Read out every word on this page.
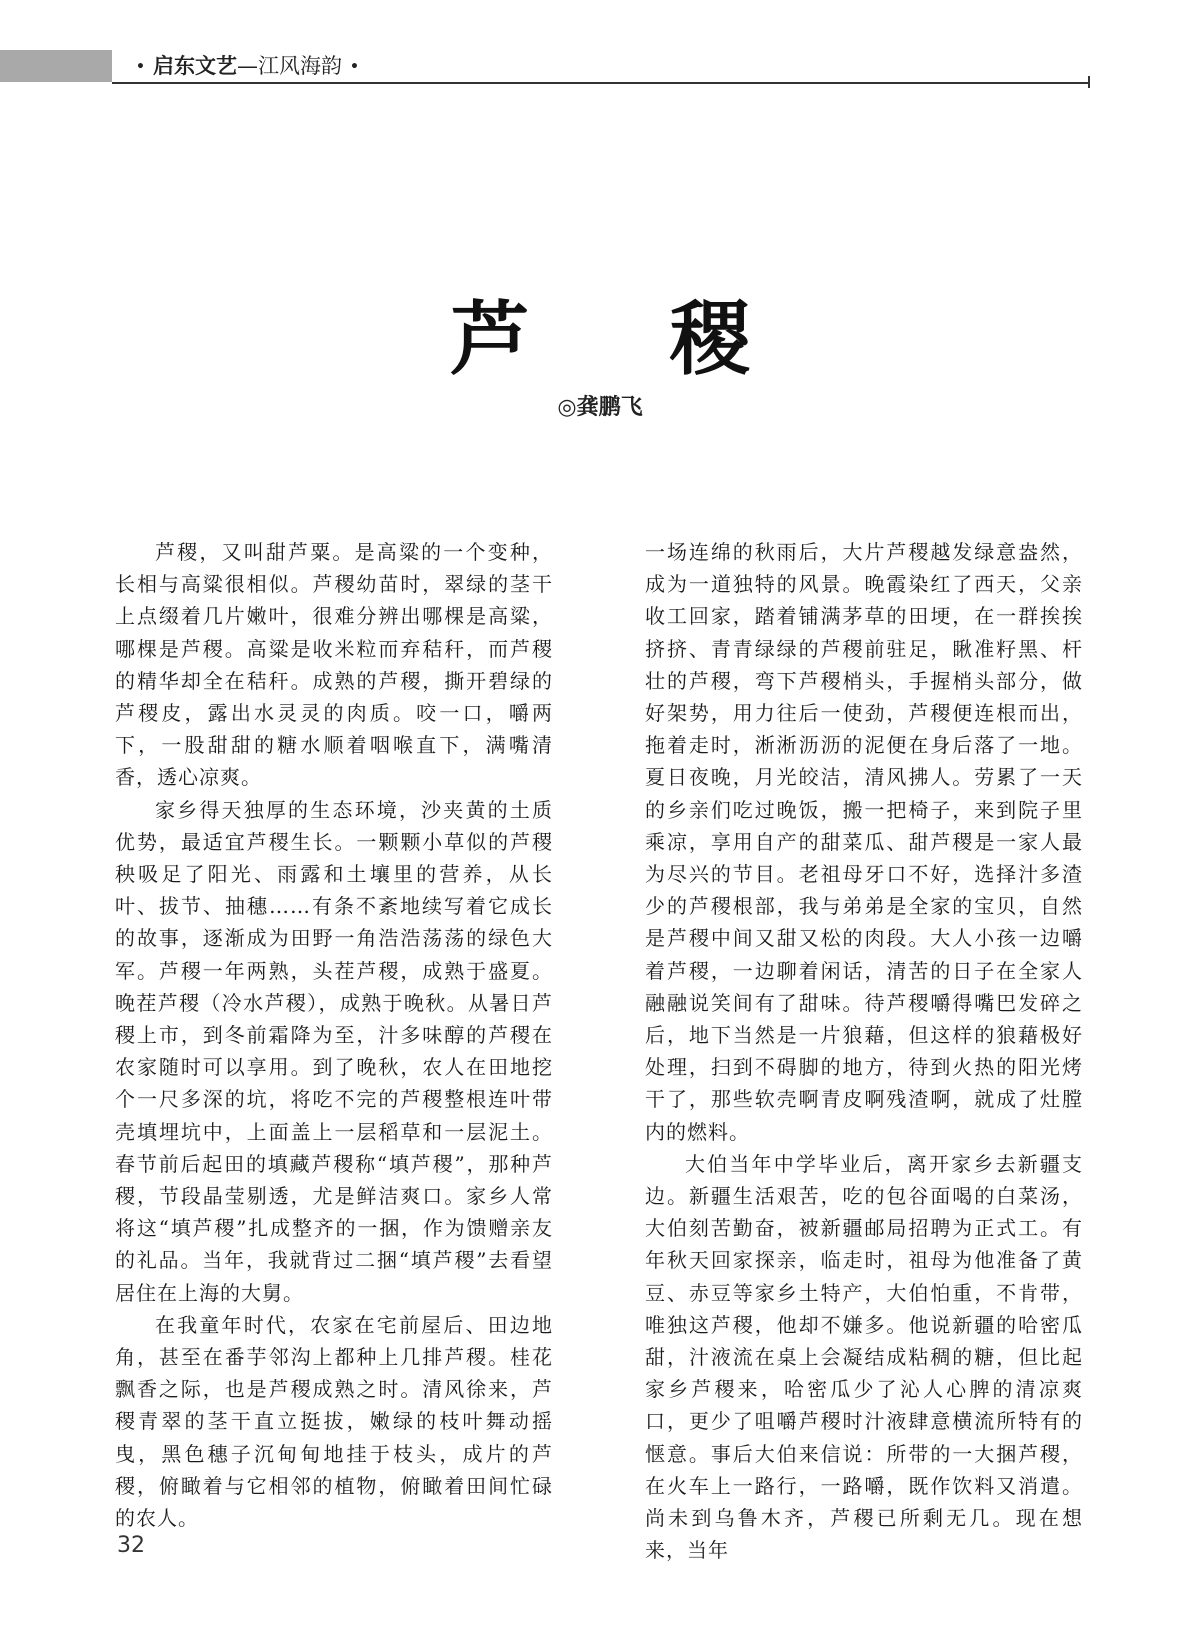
• 启东文艺—江风海韵 •
芦稷
◎龚鹏飞

芦稷，又叫甜芦粟。是高粱的一个变种，长相与高粱很相似。芦稷幼苗时，翠绿的茎干上点缀着几片嫩叶，很难分辨出哪棵是高粱，哪棵是芦稷。高粱是收米粒而弃秸秆，而芦稷的精华却全在秸秆。成熟的芦稷，撕开碧绿的芦稷皮，露出水灵灵的肉质。咬一口，嚼两下，一股甜甜的糖水顺着咽喉直下，满嘴清香，透心凉爽。

家乡得天独厚的生态环境，沙夹黄的土质优势，最适宜芦稷生长。一颗颗小草似的芦稷秧吸足了阳光、雨露和土壤里的营养，从长叶、拔节、抽穗……有条不紊地续写着它成长的故事，逐渐成为田野一角浩浩荡荡的绿色大军。芦稷一年两熟，头茬芦稷，成熟于盛夏。晚茬芦稷（冷水芦稷），成熟于晚秋。从暑日芦稷上市，到冬前霜降为至，汁多味醇的芦稷在农家随时可以享用。到了晚秋，农人在田地挖个一尺多深的坑，将吃不完的芦稷整根连叶带壳填埋坑中，上面盖上一层稻草和一层泥土。春节前后起田的填藏芦稷称“填芦稷”，那种芦稷，节段晶莹剔透，尤是鲜洁爽口。家乡人常将这“填芦稷”扎成整齐的一捆，作为馈赠亲友的礼品。当年，我就背过二捆“填芦稷”去看望居住在上海的大舅。

在我童年时代，农家在宅前屋后、田边地角，甚至在番芋邻沟上都种上几排芦稷。桂花飘香之际，也是芦稷成熟之时。清风徐来，芦稷青翠的茎干直立挺拔，嫩绿的枝叶舞动摇曳，黑色穗子沉甸甸地挂于枝头，成片的芦稷，俯瞰着与它相邻的植物，俯瞰着田间忙碌的农人。

一场连绵的秋雨后，大片芦稷越发绿意盎然，成为一道独特的风景。晚霞染红了西天，父亲收工回家，踏着铺满茅草的田埂，在一群挨挨挤挤、青青绿绿的芦稷前驻足，瞅准籽黑、杆壮的芦稷，弯下芦稷梢头，手握梢头部分，做好架势，用力往后一使劲，芦稷便连根而出，拖着走时，淅淅沥沥的泥便在身后落了一地。夏日夜晚，月光皎洁，清风拂人。劳累了一天的乡亲们吃过晚饭，搬一把椅子，来到院子里乘凉，享用自产的甜菜瓜、甜芦稷是一家人最为尽兴的节目。老祖母牙口不好，选择汁多渣少的芦稷根部，我与弟弟是全家的宝贝，自然是芦稷中间又甜又松的肉段。大人小孩一边嚼着芦稷，一边聊着闲话，清苦的日子在全家人融融说笑间有了甜味。待芦稷嚼得嘴巴发碎之后，地下当然是一片狼藉，但这样的狼藉极好处理，扫到不碍脚的地方，待到火热的阳光烤干了，那些软壳啊青皮啊残渣啊，就成了灶膛内的燃料。

大伯当年中学毕业后，离开家乡去新疆支边。新疆生活艰苦，吃的包谷面喝的白菜汤，大伯刻苦勤奋，被新疆邮局招聘为正式工。有年秋天回家探亲，临走时，祖母为他准备了黄豆、赤豆等家乡土特产，大伯怕重，不肯带，唯独这芦稷，他却不嫌多。他说新疆的哈密瓜甜，汁液流在桌上会凝结成粘稠的糖，但比起家乡芦稷来，哈密瓜少了沁人心脾的清凉爽口，更少了咀嚼芦稷时汁液肆意横流所特有的惬意。事后大伯来信说：所带的一大捆芦稷，在火车上一路行，一路嚼，既作饮料又消遣。尚未到乌鲁木齐，芦稷已所剩无几。现在想来，当年

32
